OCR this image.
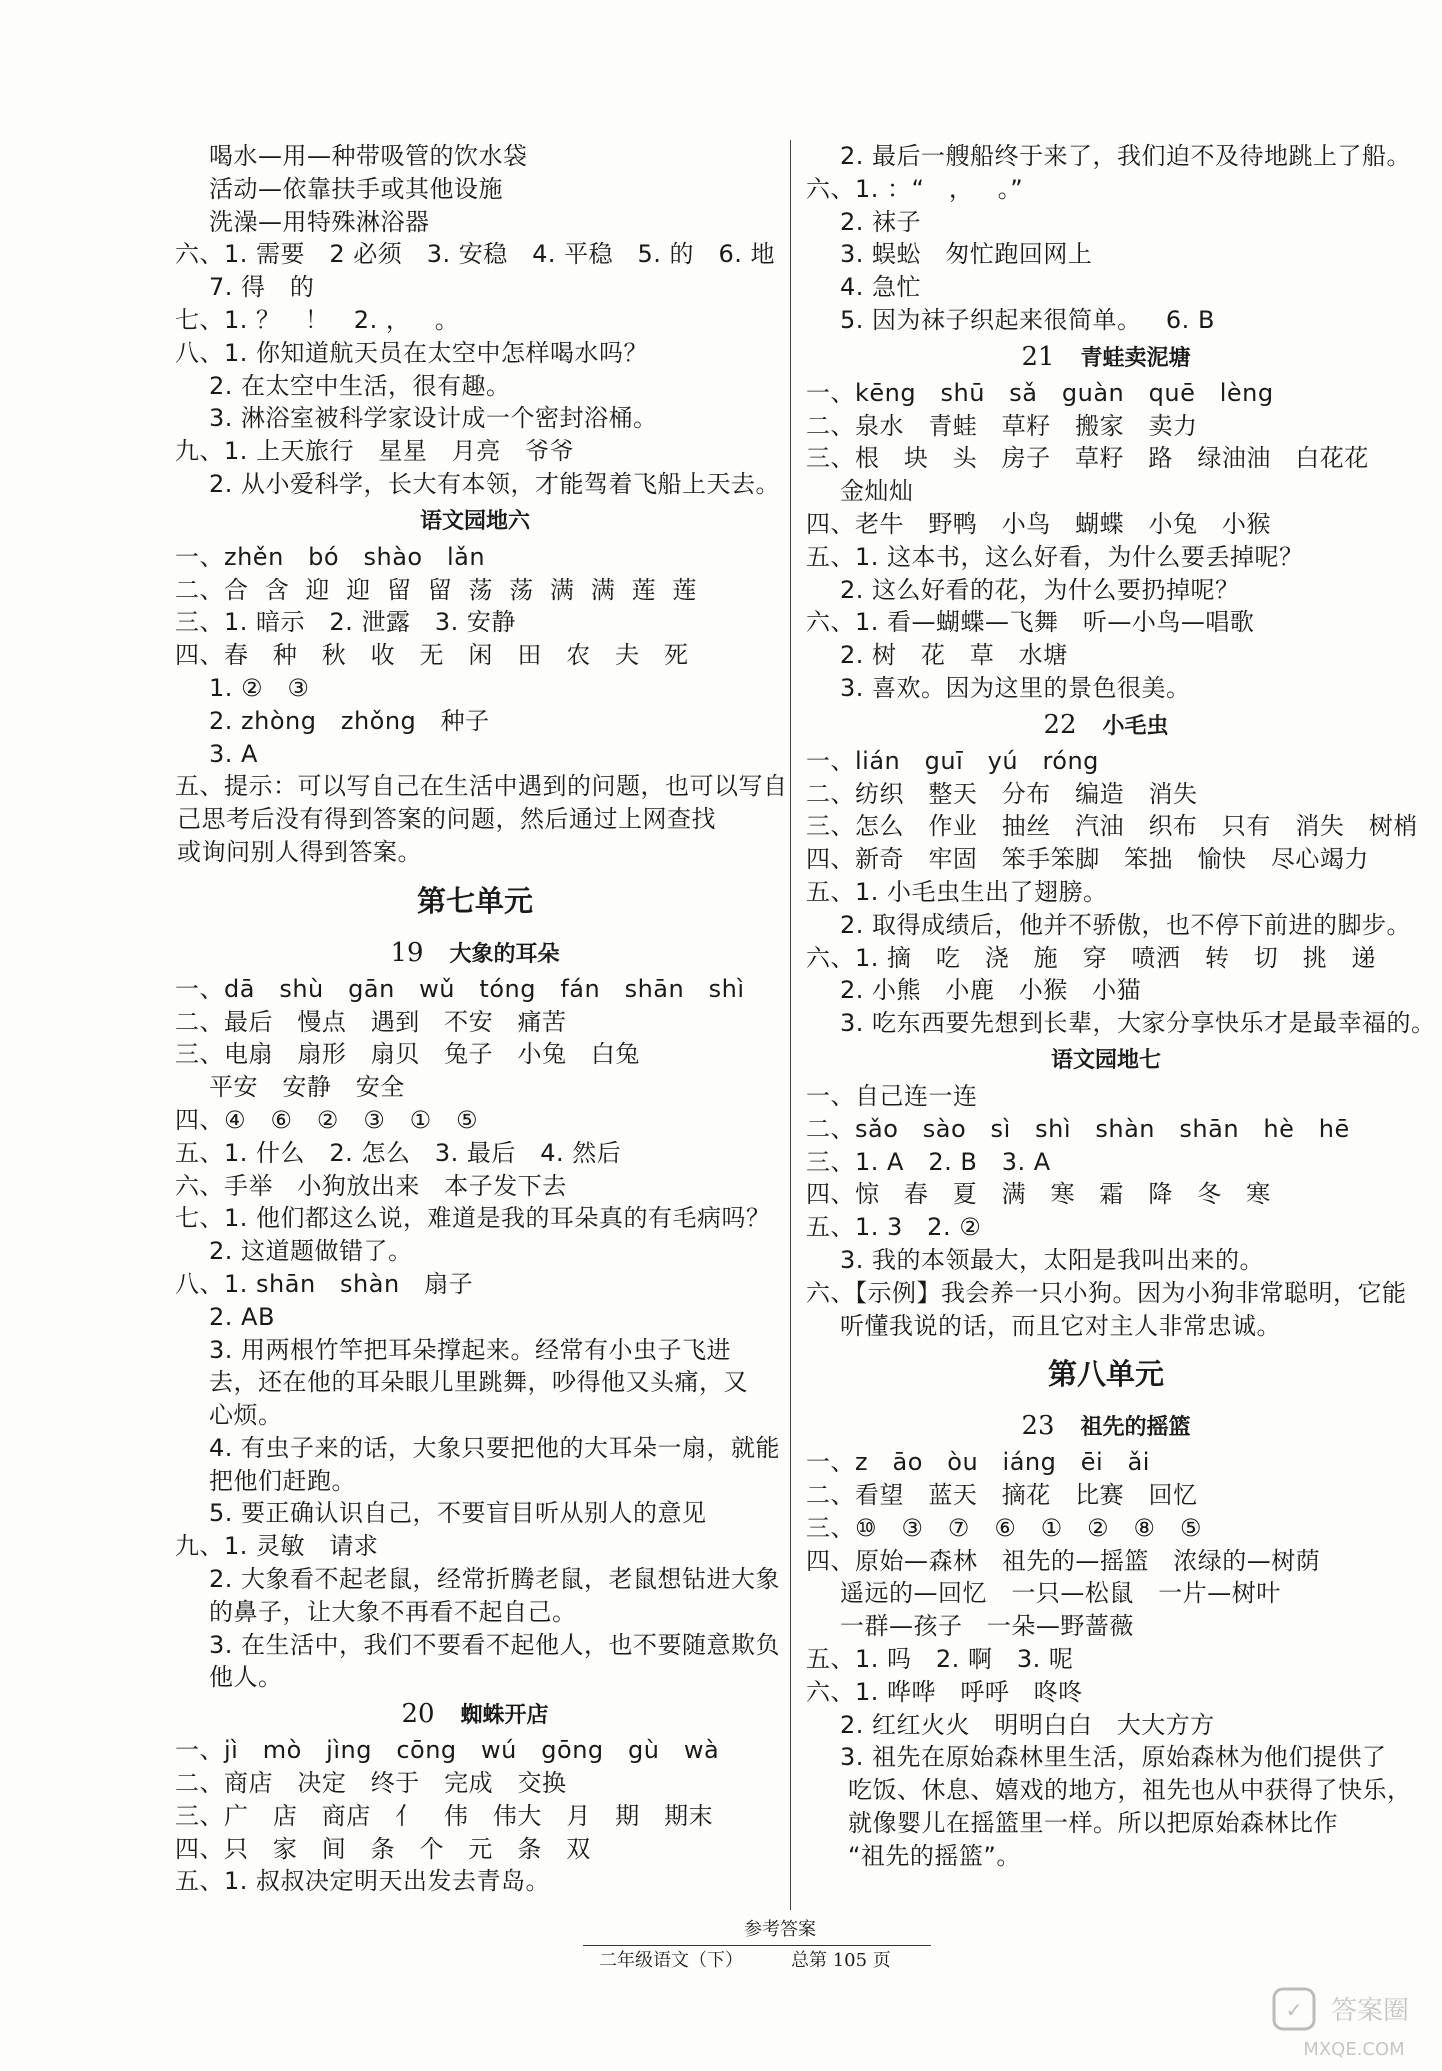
喝水—用—种带吸管的饮水袋
活动—依靠扶手或其他设施
洗澡—用特殊淋浴器
六、1. 需要   2 必须   3. 安稳   4. 平稳   5. 的   6. 地
7. 得   的
七、1. ？   ！   2. ，   。
八、1. 你知道航天员在太空中怎样喝水吗？
2. 在太空中生活，很有趣。
3. 淋浴室被科学家设计成一个密封浴桶。
九、1. 上天旅行   星星   月亮   爷爷
2. 从小爱科学，长大有本领，才能驾着飞船上天去。
语文园地六
一、zhěn   bó   shào   lǎn
二、合  含  迎  迎  留  留  荡  荡  满  满  莲  莲
三、1. 暗示   2. 泄露   3. 安静
四、春   种   秋   收   无   闲   田   农   夫   死
1. ②   ③
2. zhòng   zhǒng   种子
3. A
五、提示：可以写自己在生活中遇到的问题，也可以写自
己思考后没有得到答案的问题，然后通过上网查找
或询问别人得到答案。
第七单元
19 大象的耳朵
一、dā   shù   gān   wǔ   tóng   fán   shān   shì
二、最后   慢点   遇到   不安   痛苦
三、电扇   扇形   扇贝   兔子   小兔   白兔
平安   安静   安全
四、④   ⑥   ②   ③   ①   ⑤
五、1. 什么   2. 怎么   3. 最后   4. 然后
六、手举   小狗放出来   本子发下去
七、1. 他们都这么说，难道是我的耳朵真的有毛病吗？
2. 这道题做错了。
八、1. shān   shàn   扇子
2. AB
3. 用两根竹竿把耳朵撑起来。经常有小虫子飞进
去，还在他的耳朵眼儿里跳舞，吵得他又头痛，又
心烦。
4. 有虫子来的话，大象只要把他的大耳朵一扇，就能
把他们赶跑。
5. 要正确认识自己，不要盲目听从别人的意见
九、1. 灵敏   请求
2. 大象看不起老鼠，经常折腾老鼠，老鼠想钻进大象
的鼻子，让大象不再看不起自己。
3. 在生活中，我们不要看不起他人，也不要随意欺负
他人。
20 蜘蛛开店
一、jì   mò   jìng   cōng   wú   gōng   gù   wà
二、商店   决定   终于   完成   交换
三、广   店   商店   亻   伟   伟大   月   期   期末
四、只   家   间   条   个   元   条   双
五、1. 叔叔决定明天出发去青岛。
2. 最后一艘船终于来了，我们迫不及待地跳上了船。
六、1. ：“   ，   。”
2. 袜子
3. 蜈蚣   匆忙跑回网上
4. 急忙
5. 因为袜子织起来很简单。   6. B
21 青蛙卖泥塘
一、kēng   shū   sǎ   guàn   quē   lèng
二、泉水   青蛙   草籽   搬家   卖力
三、根   块   头   房子   草籽   路   绿油油   白花花
金灿灿
四、老牛   野鸭   小鸟   蝴蝶   小兔   小猴
五、1. 这本书，这么好看，为什么要丢掉呢？
2. 这么好看的花，为什么要扔掉呢？
六、1. 看—蝴蝶—飞舞   听—小鸟—唱歌
2. 树   花   草   水塘
3. 喜欢。因为这里的景色很美。
22 小毛虫
一、lián   guī   yú   róng
二、纺织   整天   分布   编造   消失
三、怎么   作业   抽丝   汽油   织布   只有   消失   树梢
四、新奇   牢固   笨手笨脚   笨拙   愉快   尽心竭力
五、1. 小毛虫生出了翅膀。
2. 取得成绩后，他并不骄傲，也不停下前进的脚步。
六、1. 摘   吃   浇   施   穿   喷洒   转   切   挑   递
2. 小熊   小鹿   小猴   小猫
3. 吃东西要先想到长辈，大家分享快乐才是最幸福的。
语文园地七
一、自己连一连
二、sǎo   sào   sì   shì   shàn   shān   hè   hē
三、1. A   2. B   3. A
四、惊   春   夏   满   寒   霜   降   冬   寒
五、1. 3   2. ②
3. 我的本领最大，太阳是我叫出来的。
六、【示例】我会养一只小狗。因为小狗非常聪明，它能
听懂我说的话，而且它对主人非常忠诚。
第八单元
23 祖先的摇篮
一、z   āo   òu   iáng   ēi   ǎi
二、看望   蓝天   摘花   比赛   回忆
三、⑩   ③   ⑦   ⑥   ①   ②   ⑧   ⑤
四、原始—森林   祖先的—摇篮   浓绿的—树荫
遥远的—回忆   一只—松鼠   一片—树叶
一群—孩子   一朵—野蔷薇
五、1. 吗   2. 啊   3. 呢
六、1. 哗哗   呼呼   咚咚
2. 红红火火   明明白白   大大方方
3. 祖先在原始森林里生活，原始森林为他们提供了
吃饭、休息、嬉戏的地方，祖先也从中获得了快乐，
就像婴儿在摇篮里一样。所以把原始森林比作
“祖先的摇篮”。
参考答案
二年级语文（下）	总第 105 页
✓ 答案圈
MXQE.COM
